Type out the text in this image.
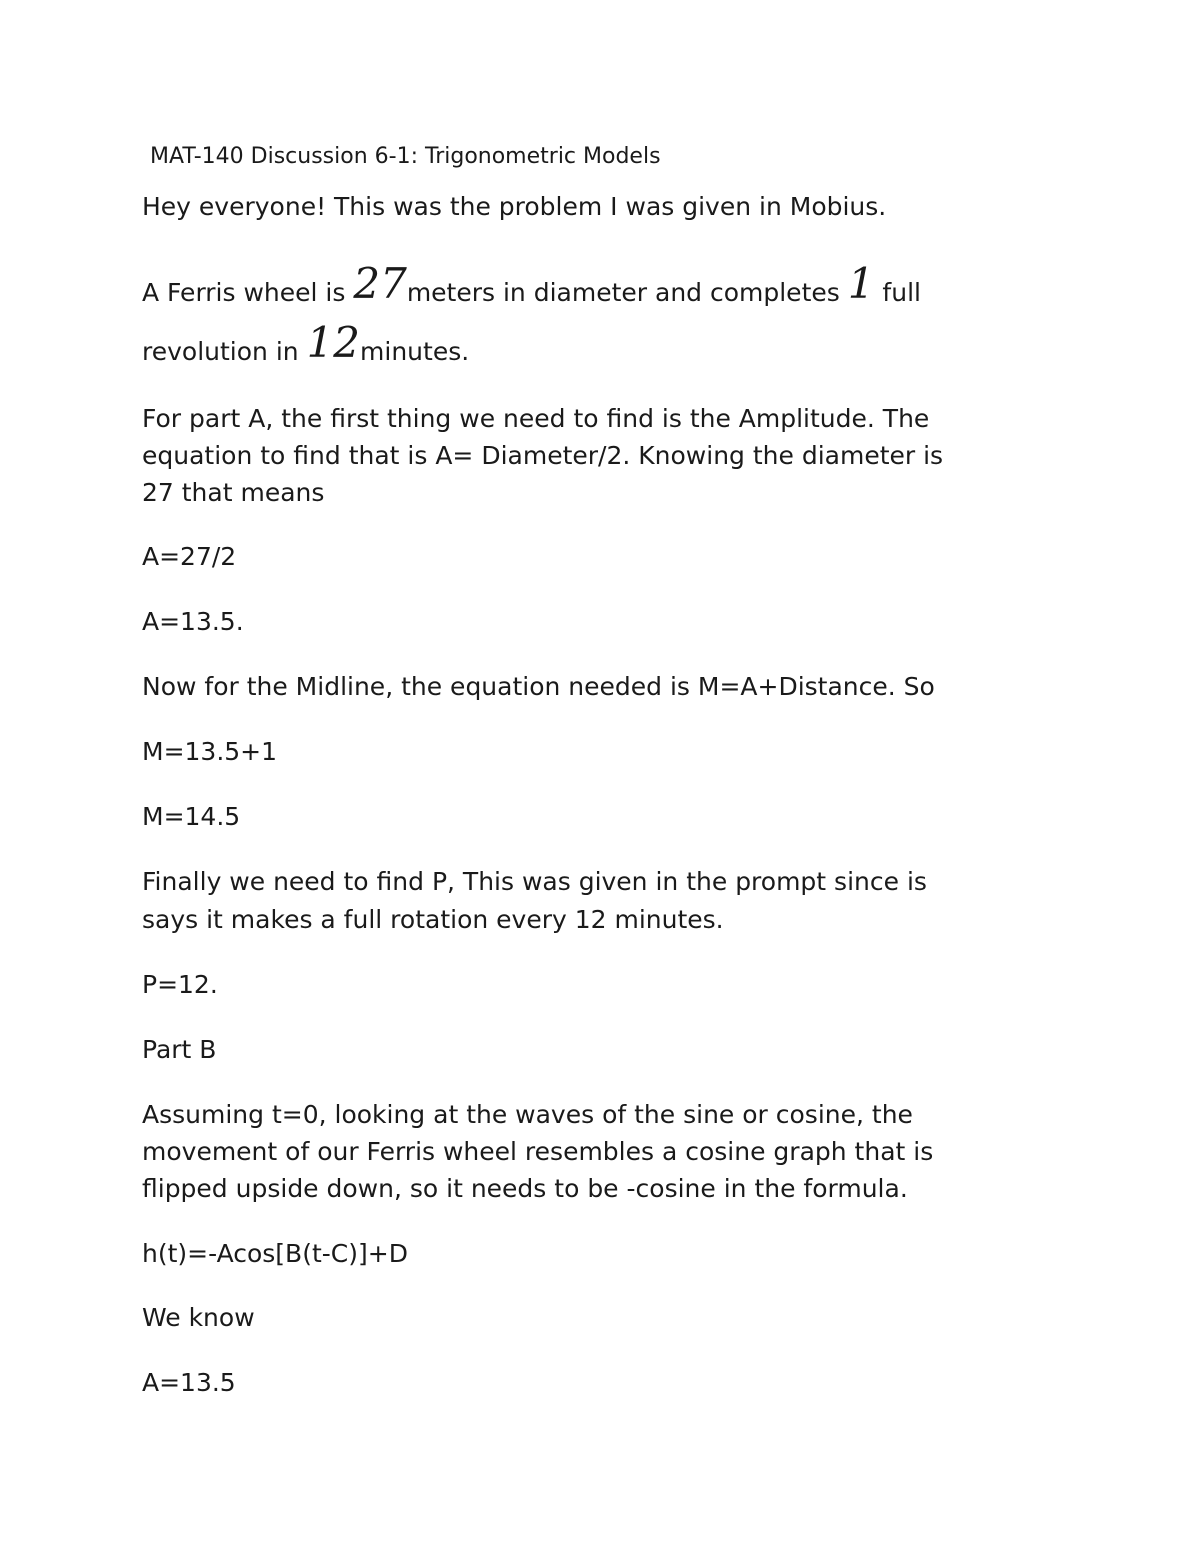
MAT-140 Discussion 6-1: Trigonometric Models
Hey everyone! This was the problem I was given in Mobius.
A Ferris wheel is 27meters in diameter and completes 1 full
revolution in 12minutes.
For part A, the first thing we need to find is the Amplitude. The
equation to find that is A= Diameter/2. Knowing the diameter is
27 that means
A=27/2
A=13.5.
Now for the Midline, the equation needed is M=A+Distance. So
M=13.5+1
M=14.5
Finally we need to find P, This was given in the prompt since is
says it makes a full rotation every 12 minutes.
P=12.
Part B
Assuming t=0, looking at the waves of the sine or cosine, the
movement of our Ferris wheel resembles a cosine graph that is
flipped upside down, so it needs to be -cosine in the formula.
h(t)=-Acos[B(t-C)]+D
We know
A=13.5
